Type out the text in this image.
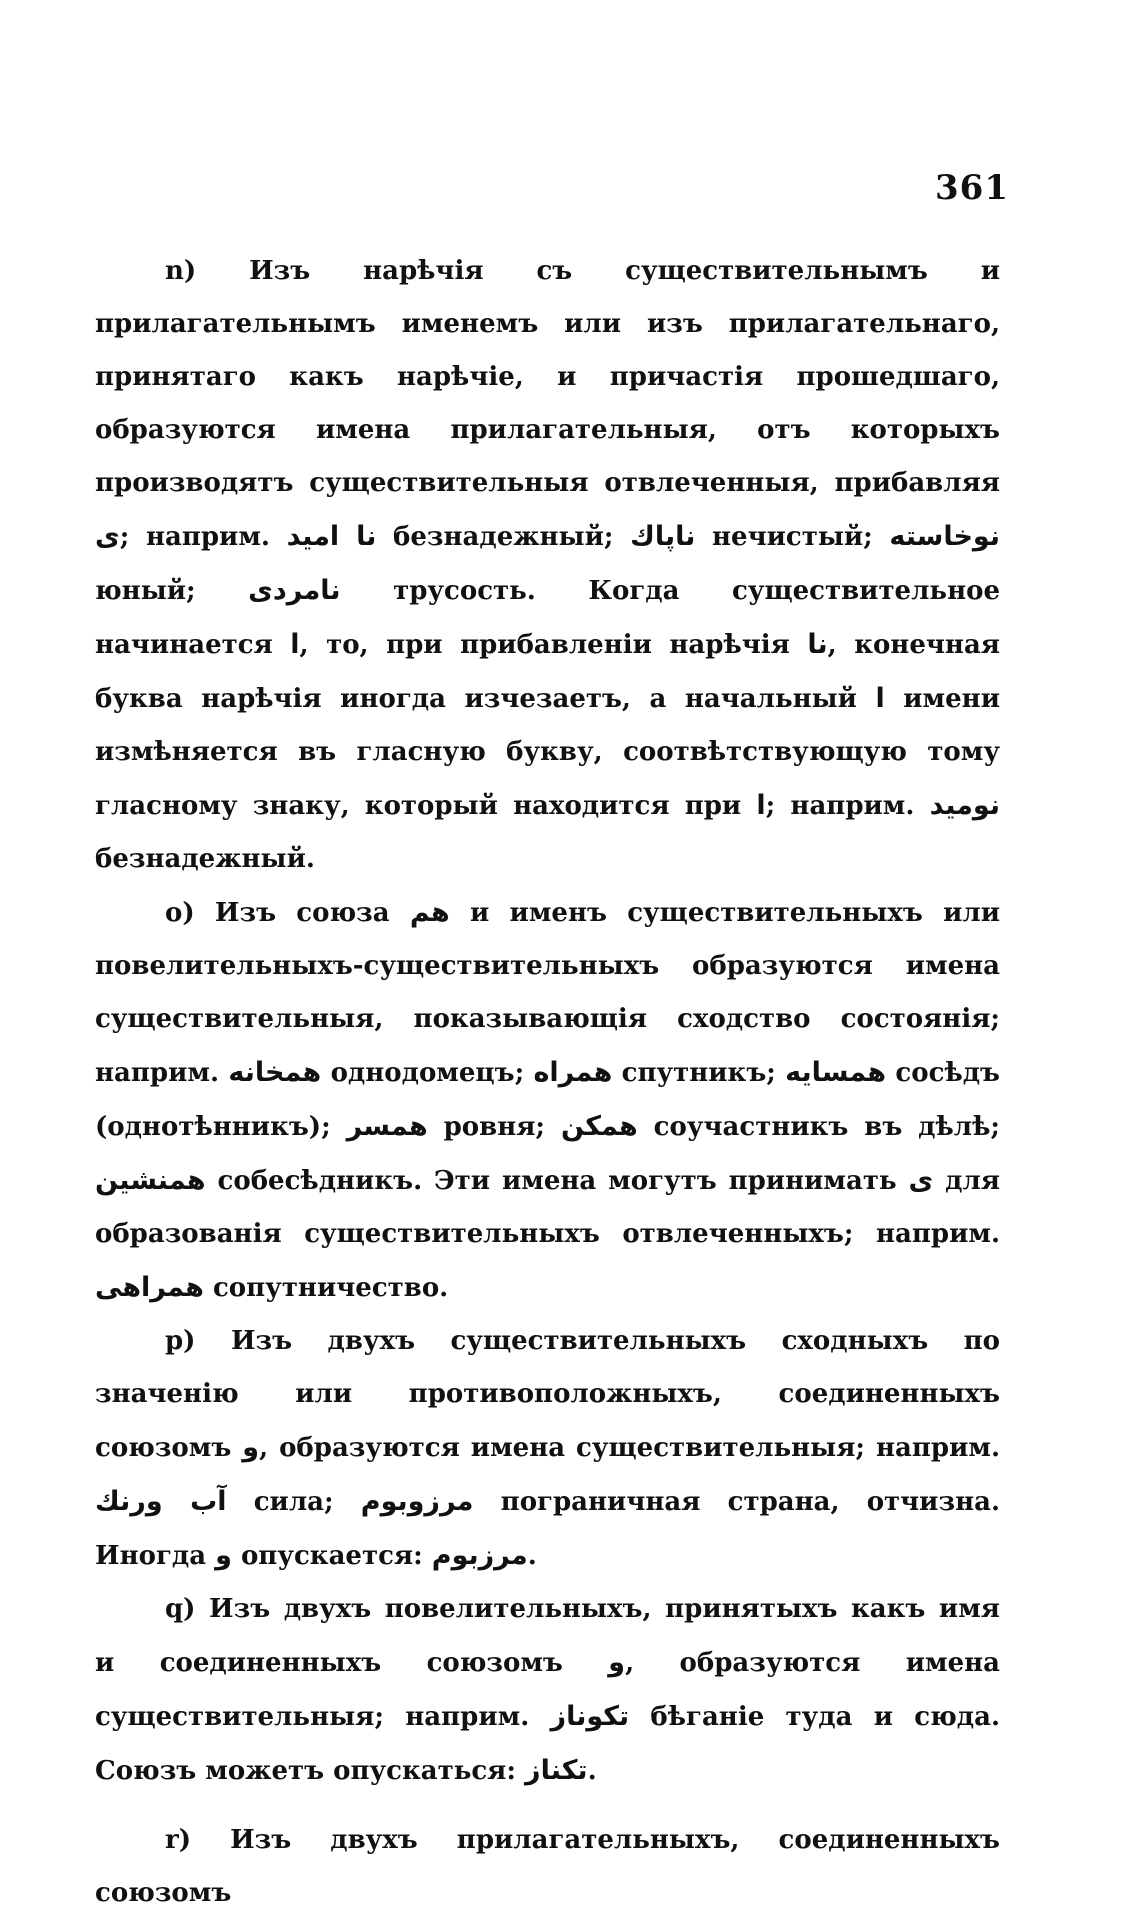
361

n) Изъ нарѣчія съ существительнымъ и прилагательнымъ именемъ или изъ прилагательнаго, принятаго какъ нарѣчіе, и причастія прошедшаго, образуются имена прилагательныя, отъ которыхъ производятъ существительныя отвлеченныя, прибавляя ى; наприм. نا اميد безнадежный; ناپاك нечистый; نوخاسته юный; نامردى трусость. Когда существительное начинается ا, то, при прибавленіи нарѣчія نا, конечная буква нарѣчія иногда изчезаетъ, а начальный ا имени измѣняется въ гласную букву, соотвѣтствующую тому гласному знаку, который находится при ا; наприм. نوميد безнадежный.

o) Изъ союза هم и именъ существительныхъ или повелительныхъ-существительныхъ образуются имена существительныя, показывающія сходство состоянія; наприм. همخانه однодомецъ; همراه спутникъ; همسايه сосѣдъ (однотѣнникъ); همسر ровня; همكن соучастникъ въ дѣлѣ; همنشين собесѣдникъ. Эти имена могутъ принимать ى для образованія существительныхъ отвлеченныхъ; наприм. همراهى сопутничество.

p) Изъ двухъ существительныхъ сходныхъ по значенію или противоположныхъ, соединенныхъ союзомъ و, образуются имена существительныя; наприм. آب ورنك сила; مرزوبوم пограничная страна, отчизна. Иногда و опускается: مرزبوم.

q) Изъ двухъ повелительныхъ, принятыхъ какъ имя и соединенныхъ союзомъ و, образуются имена существительныя; наприм. تكوناز бѣганіе туда и сюда. Союзъ можетъ опускаться: تكناز.

r) Изъ двухъ прилагательныхъ, соединенныхъ союзомъ
